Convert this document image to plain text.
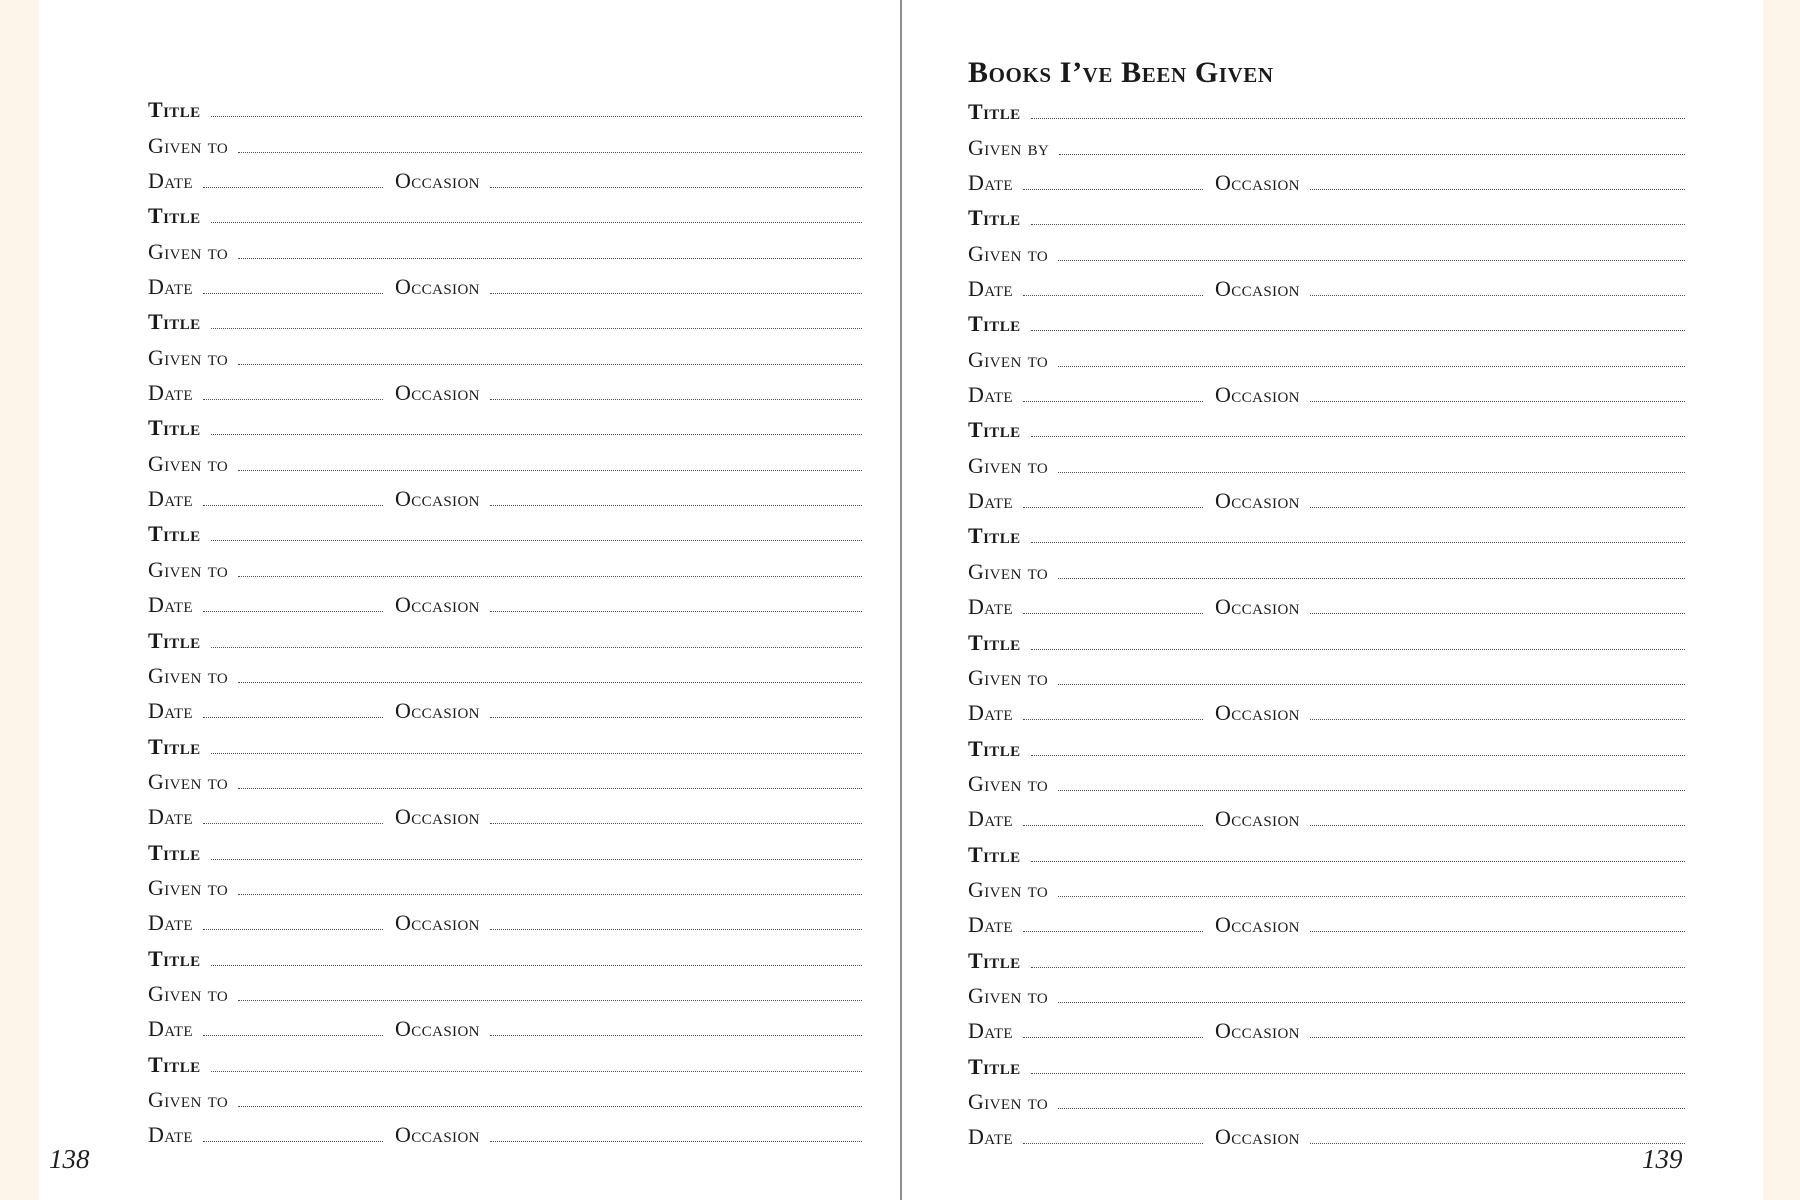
Title
Given to
Date	Occasion
Title
Given to
Date	Occasion
Title
Given to
Date	Occasion
Title
Given to
Date	Occasion
Title
Given to
Date	Occasion
Title
Given to
Date	Occasion
Title
Given to
Date	Occasion
Title
Given to
Date	Occasion
Title
Given to
Date	Occasion
Title
Given to
Date	Occasion
138
Books I’ve Been Given
Title
Given by
Date	Occasion
Title
Given to
Date	Occasion
Title
Given to
Date	Occasion
Title
Given to
Date	Occasion
Title
Given to
Date	Occasion
Title
Given to
Date	Occasion
Title
Given to
Date	Occasion
Title
Given to
Date	Occasion
Title
Given to
Date	Occasion
Title
Given to
Date	Occasion
139
